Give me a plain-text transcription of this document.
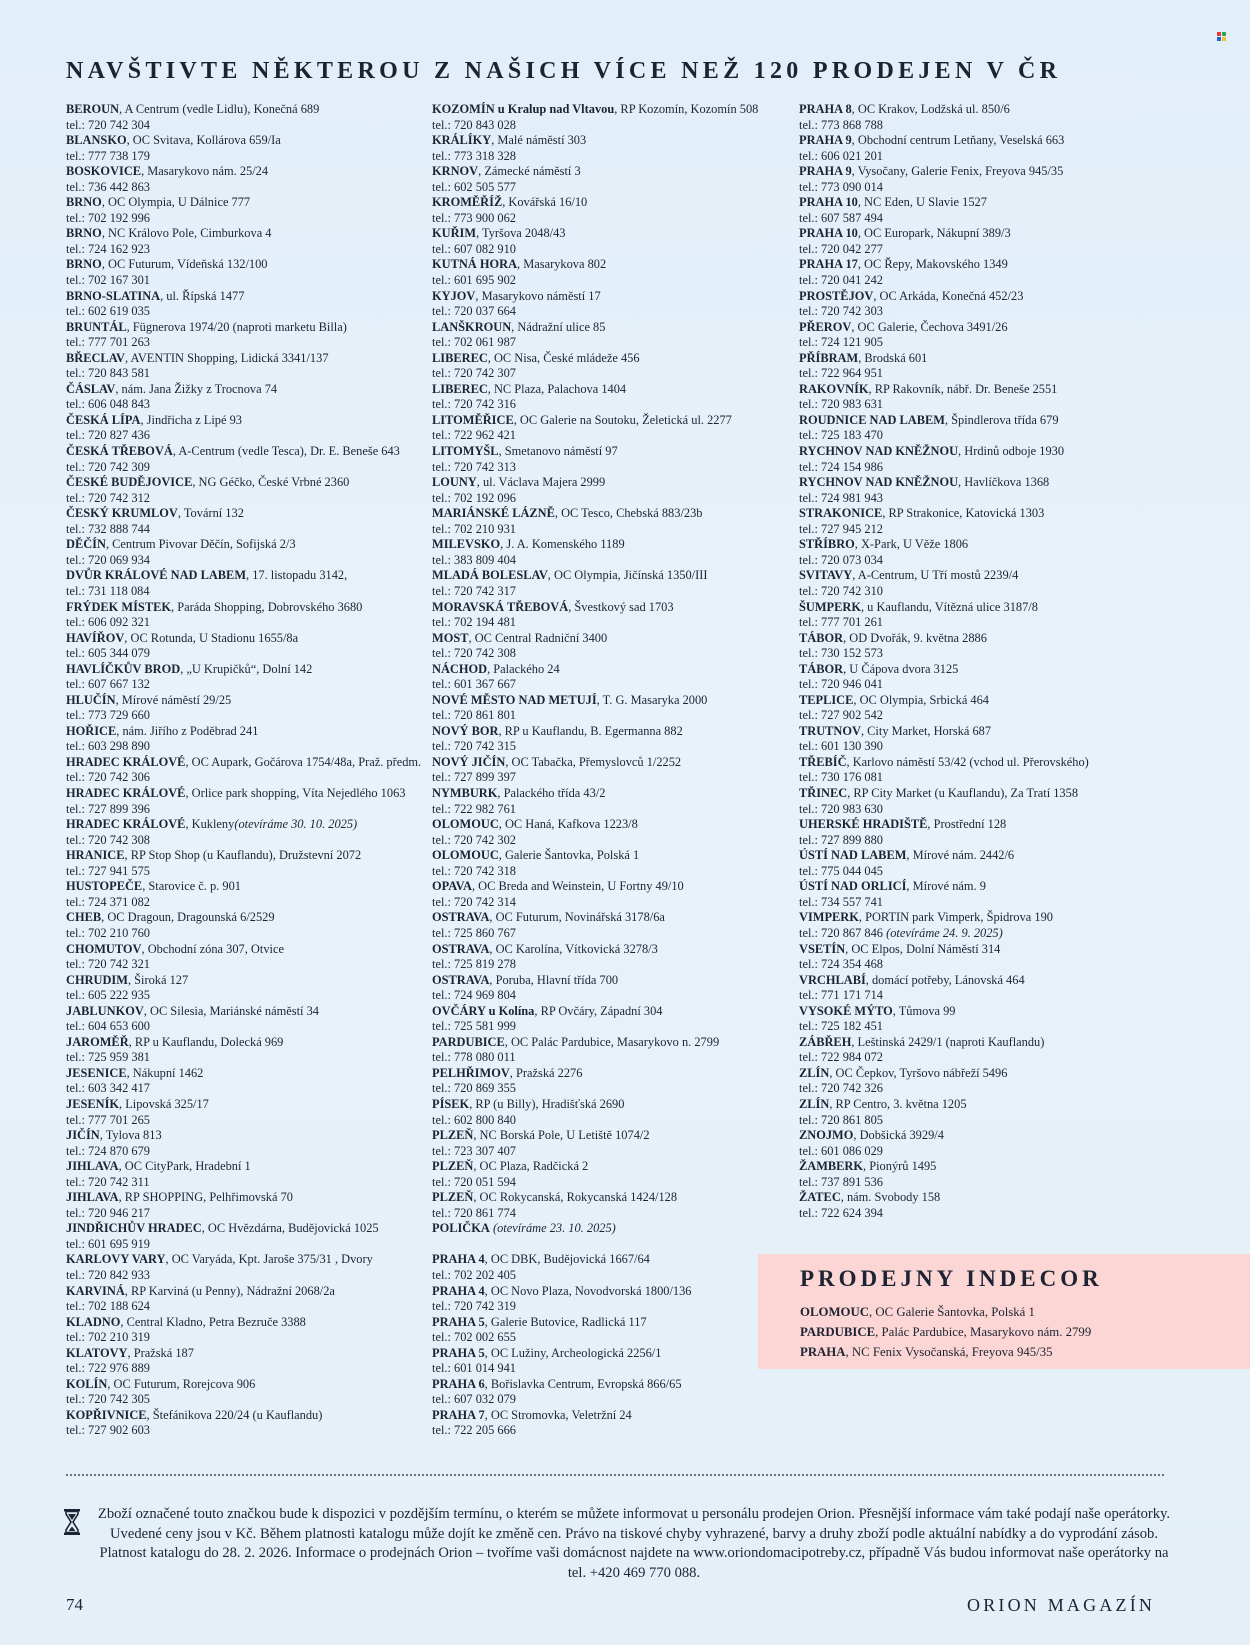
NAVŠTIVTE NĚKTEROU Z NAŠICH VÍCE NEŽ 120 PRODEJEN V ČR
BEROUN, A Centrum (vedle Lidlu), Konečná 689
tel.: 720 742 304
BLANSKO, OC Svitava, Kollárova 659/Ia
tel.: 777 738 179
BOSKOVICE, Masarykovo nám. 25/24
tel.: 736 442 863
BRNO, OC Olympia, U Dálnice 777
tel.: 702 192 996
BRNO, NC Královo Pole, Cimburkova 4
tel.: 724 162 923
BRNO, OC Futurum, Vídeňská 132/100
tel.: 702 167 301
BRNO-SLATINA, ul. Řípská 1477
tel.: 602 619 035
BRUNTÁL, Fügnerova 1974/20 (naproti marketu Billa)
tel.: 777 701 263
BŘECLAV, AVENTIN Shopping, Lidická 3341/137
tel.: 720 843 581
ČÁSLAV, nám. Jana Žižky z Trocnova 74
tel.: 606 048 843
ČESKÁ LÍPA, Jindřicha z Lipé 93
tel.: 720 827 436
ČESKÁ TŘEBOVÁ, A-Centrum (vedle Tesca), Dr. E. Beneše 643
tel.: 720 742 309
ČESKÉ BUDĚJOVICE, NG Géčko, České Vrbné 2360
tel.: 720 742 312
ČESKÝ KRUMLOV, Tovární 132
tel.: 732 888 744
DĚČÍN, Centrum Pivovar Děčín, Sofijská 2/3
tel.: 720 069 934
DVŮR KRÁLOVÉ NAD LABEM, 17. listopadu 3142,
tel.: 731 118 084
FRÝDEK MÍSTEK, Paráda Shopping, Dobrovského 3680
tel.: 606 092 321
HAVÍŘOV, OC Rotunda, U Stadionu 1655/8a
tel.: 605 344 079
HAVLÍČKŮV BROD, „U Krupičků“, Dolní 142
tel.: 607 667 132
HLUČÍN, Mírové náměstí 29/25
tel.: 773 729 660
HOŘICE, nám. Jiřího z Poděbrad 241
tel.: 603 298 890
HRADEC KRÁLOVÉ, OC Aupark, Gočárova 1754/48a, Praž. předm.
tel.: 720 742 306
HRADEC KRÁLOVÉ, Orlice park shopping, Víta Nejedlého 1063
tel.: 727 899 396
HRADEC KRÁLOVÉ, Kukleny(otevíráme 30. 10. 2025)
tel.: 720 742 308
HRANICE, RP Stop Shop (u Kauflandu), Družstevní 2072
tel.: 727 941 575
HUSTOPEČE, Starovice č. p. 901
tel.: 724 371 082
CHEB, OC Dragoun, Dragounská 6/2529
tel.: 702 210 760
CHOMUTOV, Obchodní zóna 307, Otvice
tel.: 720 742 321
CHRUDIM, Široká 127
tel.: 605 222 935
JABLUNKOV, OC Silesia, Mariánské náměstí 34
tel.: 604 653 600
JAROMĚŘ, RP u Kauflandu, Dolecká 969
tel.: 725 959 381
JESENICE, Nákupní 1462
tel.: 603 342 417
JESENÍK, Lipovská 325/17
tel.: 777 701 265
JIČÍN, Tylova 813
tel.: 724 870 679
JIHLAVA, OC CityPark, Hradební 1
tel.: 720 742 311
JIHLAVA, RP SHOPPING, Pelhřimovská 70
tel.: 720 946 217
JINDŘICHŮV HRADEC, OC Hvězdárna, Budějovická 1025
tel.: 601 695 919
KARLOVY VARY, OC Varyáda, Kpt. Jaroše 375/31 , Dvory
tel.: 720 842 933
KARVINÁ, RP Karviná (u Penny), Nádražní 2068/2a
tel.: 702 188 624
KLADNO, Central Kladno, Petra Bezruče 3388
tel.: 702 210 319
KLATOVY, Pražská 187
tel.: 722 976 889
KOLÍN, OC Futurum, Rorejcova 906
tel.: 720 742 305
KOPŘIVNICE, Štefánikova 220/24 (u Kauflandu)
tel.: 727 902 603
KOZOMÍN u Kralup nad Vltavou, RP Kozomín, Kozomín 508
tel.: 720 843 028
KRÁLÍKY, Malé náměstí 303
tel.: 773 318 328
KRNOV, Zámecké náměstí 3
tel.: 602 505 577
KROMĚŘÍŽ, Kovářská 16/10
tel.: 773 900 062
KUŘIM, Tyršova 2048/43
tel.: 607 082 910
KUTNÁ HORA, Masarykova 802
tel.: 601 695 902
KYJOV, Masarykovo náměstí 17
tel.: 720 037 664
LANŠKROUN, Nádražní ulice 85
tel.: 702 061 987
LIBEREC, OC Nisa, České mládeže 456
tel.: 720 742 307
LIBEREC, NC Plaza, Palachova 1404
tel.: 720 742 316
LITOMĚŘICE, OC Galerie na Soutoku, Želetická ul. 2277
tel.: 722 962 421
LITOMYŠL, Smetanovo náměstí 97
tel.: 720 742 313
LOUNY, ul. Václava Majera 2999
tel.: 702 192 096
MARIÁNSKÉ LÁZNĚ, OC Tesco, Chebská 883/23b
tel.: 702 210 931
MILEVSKO, J. A. Komenského 1189
tel.: 383 809 404
MLADÁ BOLESLAV, OC Olympia, Jičínská 1350/III
tel.: 720 742 317
MORAVSKÁ TŘEBOVÁ, Švestkový sad 1703
tel.: 702 194 481
MOST, OC Central Radniční 3400
tel.: 720 742 308
NÁCHOD, Palackého 24
tel.: 601 367 667
NOVÉ MĚSTO NAD METUJÍ, T. G. Masaryka 2000
tel.: 720 861 801
NOVÝ BOR, RP u Kauflandu, B. Egermanna 882
tel.: 720 742 315
NOVÝ JIČÍN, OC Tabačka, Přemyslovců 1/2252
tel.: 727 899 397
NYMBURK, Palackého třída 43/2
tel.: 722 982 761
OLOMOUC, OC Haná, Kafkova 1223/8
tel.: 720 742 302
OLOMOUC, Galerie Šantovka, Polská 1
tel.: 720 742 318
OPAVA, OC Breda and Weinstein, U Fortny 49/10
tel.: 720 742 314
OSTRAVA, OC Futurum, Novinářská 3178/6a
tel.: 725 860 767
OSTRAVA, OC Karolína, Vítkovická 3278/3
tel.: 725 819 278
OSTRAVA, Poruba, Hlavní třída 700
tel.: 724 969 804
OVČÁRY u Kolína, RP Ovčáry, Západní 304
tel.: 725 581 999
PARDUBICE, OC Palác Pardubice, Masarykovo n. 2799
tel.: 778 080 011
PELHŘIMOV, Pražská 2276
tel.: 720 869 355
PÍSEK, RP (u Billy), Hradišťská 2690
tel.: 602 800 840
PLZEŇ, NC Borská Pole, U Letiště 1074/2
tel.: 723 307 407
PLZEŇ, OC Plaza, Radčická 2
tel.: 720 051 594
PLZEŇ, OC Rokycanská, Rokycanská 1424/128
tel.: 720 861 774
POLIČKA (otevíráme 23. 10. 2025)
PRAHA 4, OC DBK, Budějovická 1667/64
tel.: 702 202 405
PRAHA 4, OC Novo Plaza, Novodvorská 1800/136
tel.: 720 742 319
PRAHA 5, Galerie Butovice, Radlická 117
tel.: 702 002 655
PRAHA 5, OC Lužiny, Archeologická 2256/1
tel.: 601 014 941
PRAHA 6, Bořislavka Centrum, Evropská 866/65
tel.: 607 032 079
PRAHA 7, OC Stromovka, Veletržní 24
tel.: 722 205 666
PRAHA 8, OC Krakov, Lodžská ul. 850/6
tel.: 773 868 788
PRAHA 9, Obchodní centrum Letňany, Veselská 663
tel.: 606 021 201
PRAHA 9, Vysočany, Galerie Fenix, Freyova 945/35
tel.: 773 090 014
PRAHA 10, NC Eden, U Slavie 1527
tel.: 607 587 494
PRAHA 10, OC Europark, Nákupní 389/3
tel.: 720 042 277
PRAHA 17, OC Řepy, Makovského 1349
tel.: 720 041 242
PROSTĚJOV, OC Arkáda, Konečná 452/23
tel.: 720 742 303
PŘEROV, OC Galerie, Čechova 3491/26
tel.: 724 121 905
PŘÍBRAM, Brodská 601
tel.: 722 964 951
RAKOVNÍK, RP Rakovník, nábř. Dr. Beneše 2551
tel.: 720 983 631
ROUDNICE NAD LABEM, Špindlerova třída 679
tel.: 725 183 470
RYCHNOV NAD KNĚŽNOU, Hrdinů odboje 1930
tel.: 724 154 986
RYCHNOV NAD KNĚŽNOU, Havlíčkova 1368
tel.: 724 981 943
STRAKONICE, RP Strakonice, Katovická 1303
tel.: 727 945 212
STŘÍBRO, X-Park, U Věže 1806
tel.: 720 073 034
SVITAVY, A-Centrum, U Tří mostů 2239/4
tel.: 720 742 310
ŠUMPERK, u Kauflandu, Vítězná ulice 3187/8
tel.: 777 701 261
TÁBOR, OD Dvořák, 9. května 2886
tel.: 730 152 573
TÁBOR, U Čápova dvora 3125
tel.: 720 946 041
TEPLICE, OC Olympia, Srbická 464
tel.: 727 902 542
TRUTNOV, City Market, Horská 687
tel.: 601 130 390
TŘEBÍČ, Karlovo náměstí 53/42 (vchod ul. Přerovského)
tel.: 730 176 081
TŘINEC, RP City Market (u Kauflandu), Za Tratí 1358
tel.: 720 983 630
UHERSKÉ HRADIŠTĚ, Prostřední 128
tel.: 727 899 880
ÚSTÍ NAD LABEM, Mírové nám. 2442/6
tel.: 775 044 045
ÚSTÍ NAD ORLICÍ, Mírové nám. 9
tel.: 734 557 741
VIMPERK, PORTIN park Vimperk, Špidrova 190
tel.: 720 867 846 (otevíráme 24. 9. 2025)
VSETÍN, OC Elpos, Dolní Náměstí 314
tel.: 724 354 468
VRCHLABÍ, domácí potřeby, Lánovská 464
tel.: 771 171 714
VYSOKÉ MÝTO, Tůmova 99
tel.: 725 182 451
ZÁBŘEH, Leštinská 2429/1 (naproti Kauflandu)
tel.: 722 984 072
ZLÍN, OC Čepkov, Tyršovo nábřeží 5496
tel.: 720 742 326
ZLÍN, RP Centro, 3. května 1205
tel.: 720 861 805
ZNOJMO, Dobšická 3929/4
tel.: 601 086 029
ŽAMBERK, Pionýrů 1495
tel.: 737 891 536
ŽATEC, nám. Svobody 158
tel.: 722 624 394
PRODEJNY INDECOR
OLOMOUC, OC Galerie Šantovka, Polská 1
PARDUBICE, Palác Pardubice, Masarykovo nám. 2799
PRAHA, NC Fenix Vysočanská, Freyova 945/35

Zboží označené touto značkou bude k dispozici v pozdějším termínu, o kterém se můžete informovat u personálu prodejen Orion. Přesnější informace vám také podají naše operátorky. Uvedené ceny jsou v Kč. Během platnosti katalogu může dojít ke změně cen. Právo na tiskové chyby vyhrazené, barvy a druhy zboží podle aktuální nabídky a do vyprodání zásob. Platnost katalogu do 28. 2. 2026. Informace o prodejnách Orion – tvoříme vaši domácnost najdete na www.oriondomacipotreby.cz, případně Vás budou informovat naše operátorky na tel. +420 469 770 088.

74	ORION MAGAZÍN
